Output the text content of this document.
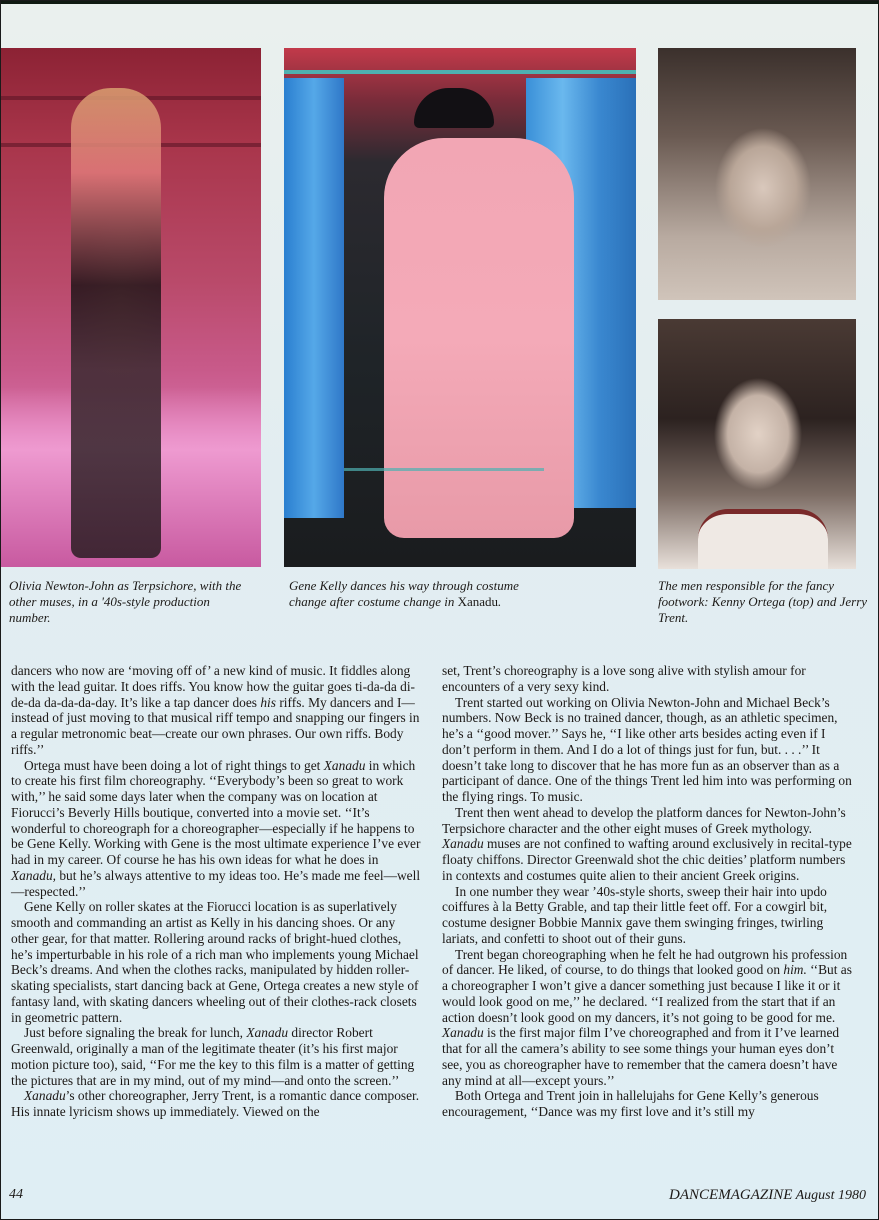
Olivia Newton-John as Terpsichore, with the other muses, in a '40s-style production number.
Gene Kelly dances his way through costume change after costume change in Xanadu.
The men responsible for the fancy footwork: Kenny Ortega (top) and Jerry Trent.

dancers who now are ‘moving off of’ a new kind of music. It fiddles along with the lead guitar. It does riffs. You know how the guitar goes ti-da-da di-de-da da-da-da-day. It’s like a tap dancer does his riffs. My dancers and I—instead of just moving to that musical riff tempo and snapping our fingers in a regular metronomic beat—create our own phrases. Our own riffs. Body riffs.’’

Ortega must have been doing a lot of right things to get Xanadu in which to create his first film choreography. ‘‘Everybody’s been so great to work with,’’ he said some days later when the company was on location at Fiorucci’s Beverly Hills boutique, converted into a movie set. ‘‘It’s wonderful to choreograph for a choreographer—especially if he happens to be Gene Kelly. Working with Gene is the most ultimate experience I’ve ever had in my career. Of course he has his own ideas for what he does in Xanadu, but he’s always attentive to my ideas too. He’s made me feel—well—respected.’’

Gene Kelly on roller skates at the Fiorucci location is as superlatively smooth and commanding an artist as Kelly in his dancing shoes. Or any other gear, for that matter. Rollering around racks of bright-hued clothes, he’s imperturbable in his role of a rich man who implements young Michael Beck’s dreams. And when the clothes racks, manipulated by hidden roller-skating specialists, start dancing back at Gene, Ortega creates a new style of fantasy land, with skating dancers wheeling out of their clothes-rack closets in geometric pattern.

Just before signaling the break for lunch, Xanadu director Robert Greenwald, originally a man of the legitimate theater (it’s his first major motion picture too), said, ‘‘For me the key to this film is a matter of getting the pictures that are in my mind, out of my mind—and onto the screen.’’

Xanadu’s other choreographer, Jerry Trent, is a romantic dance composer. His innate lyricism shows up immediately. Viewed on the

set, Trent’s choreography is a love song alive with stylish amour for encounters of a very sexy kind.

Trent started out working on Olivia Newton-John and Michael Beck’s numbers. Now Beck is no trained dancer, though, as an athletic specimen, he’s a ‘‘good mover.’’ Says he, ‘‘I like other arts besides acting even if I don’t perform in them. And I do a lot of things just for fun, but. . . .’’ It doesn’t take long to discover that he has more fun as an observer than as a participant of dance. One of the things Trent led him into was performing on the flying rings. To music.

Trent then went ahead to develop the platform dances for Newton-John’s Terpsichore character and the other eight muses of Greek mythology. Xanadu muses are not confined to wafting around exclusively in recital-type floaty chiffons. Director Greenwald shot the chic deities’ platform numbers in contexts and costumes quite alien to their ancient Greek origins.

In one number they wear ’40s-style shorts, sweep their hair into updo coiffures à la Betty Grable, and tap their little feet off. For a cowgirl bit, costume designer Bobbie Mannix gave them swinging fringes, twirling lariats, and confetti to shoot out of their guns.

Trent began choreographing when he felt he had outgrown his profession of dancer. He liked, of course, to do things that looked good on him. ‘‘But as a choreographer I won’t give a dancer something just because I like it or it would look good on me,’’ he declared. ‘‘I realized from the start that if an action doesn’t look good on my dancers, it’s not going to be good for me. Xanadu is the first major film I’ve choreographed and from it I’ve learned that for all the camera’s ability to see some things your human eyes don’t see, you as choreographer have to remember that the camera doesn’t have any mind at all—except yours.’’

Both Ortega and Trent join in hallelujahs for Gene Kelly’s generous encouragement, ‘‘Dance was my first love and it’s still my

44	DANCEMAGAZINE August 1980
